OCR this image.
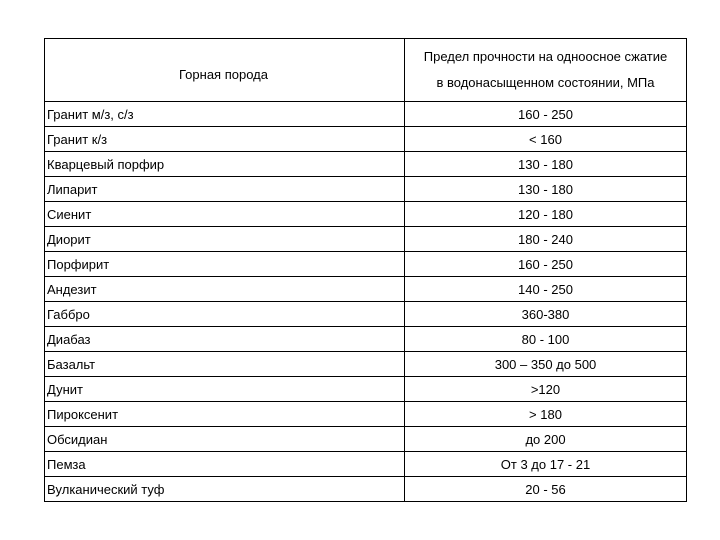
Горная порода	Предел прочности на одноосное сжатие
в водонасыщенном состоянии, МПа

Гранит м/з, с/з	160 - 250
Гранит к/з	< 160
Кварцевый порфир	130 - 180
Липарит	130 - 180
Сиенит	120 - 180
Диорит	180 - 240
Порфирит	160 - 250
Андезит	140 - 250
Габбро	360-380
Диабаз	80 - 100
Базальт	300 – 350 до 500
Дунит	>120
Пироксенит	> 180
Обсидиан	до 200
Пемза	От 3 до 17 - 21
Вулканический туф	20 - 56
